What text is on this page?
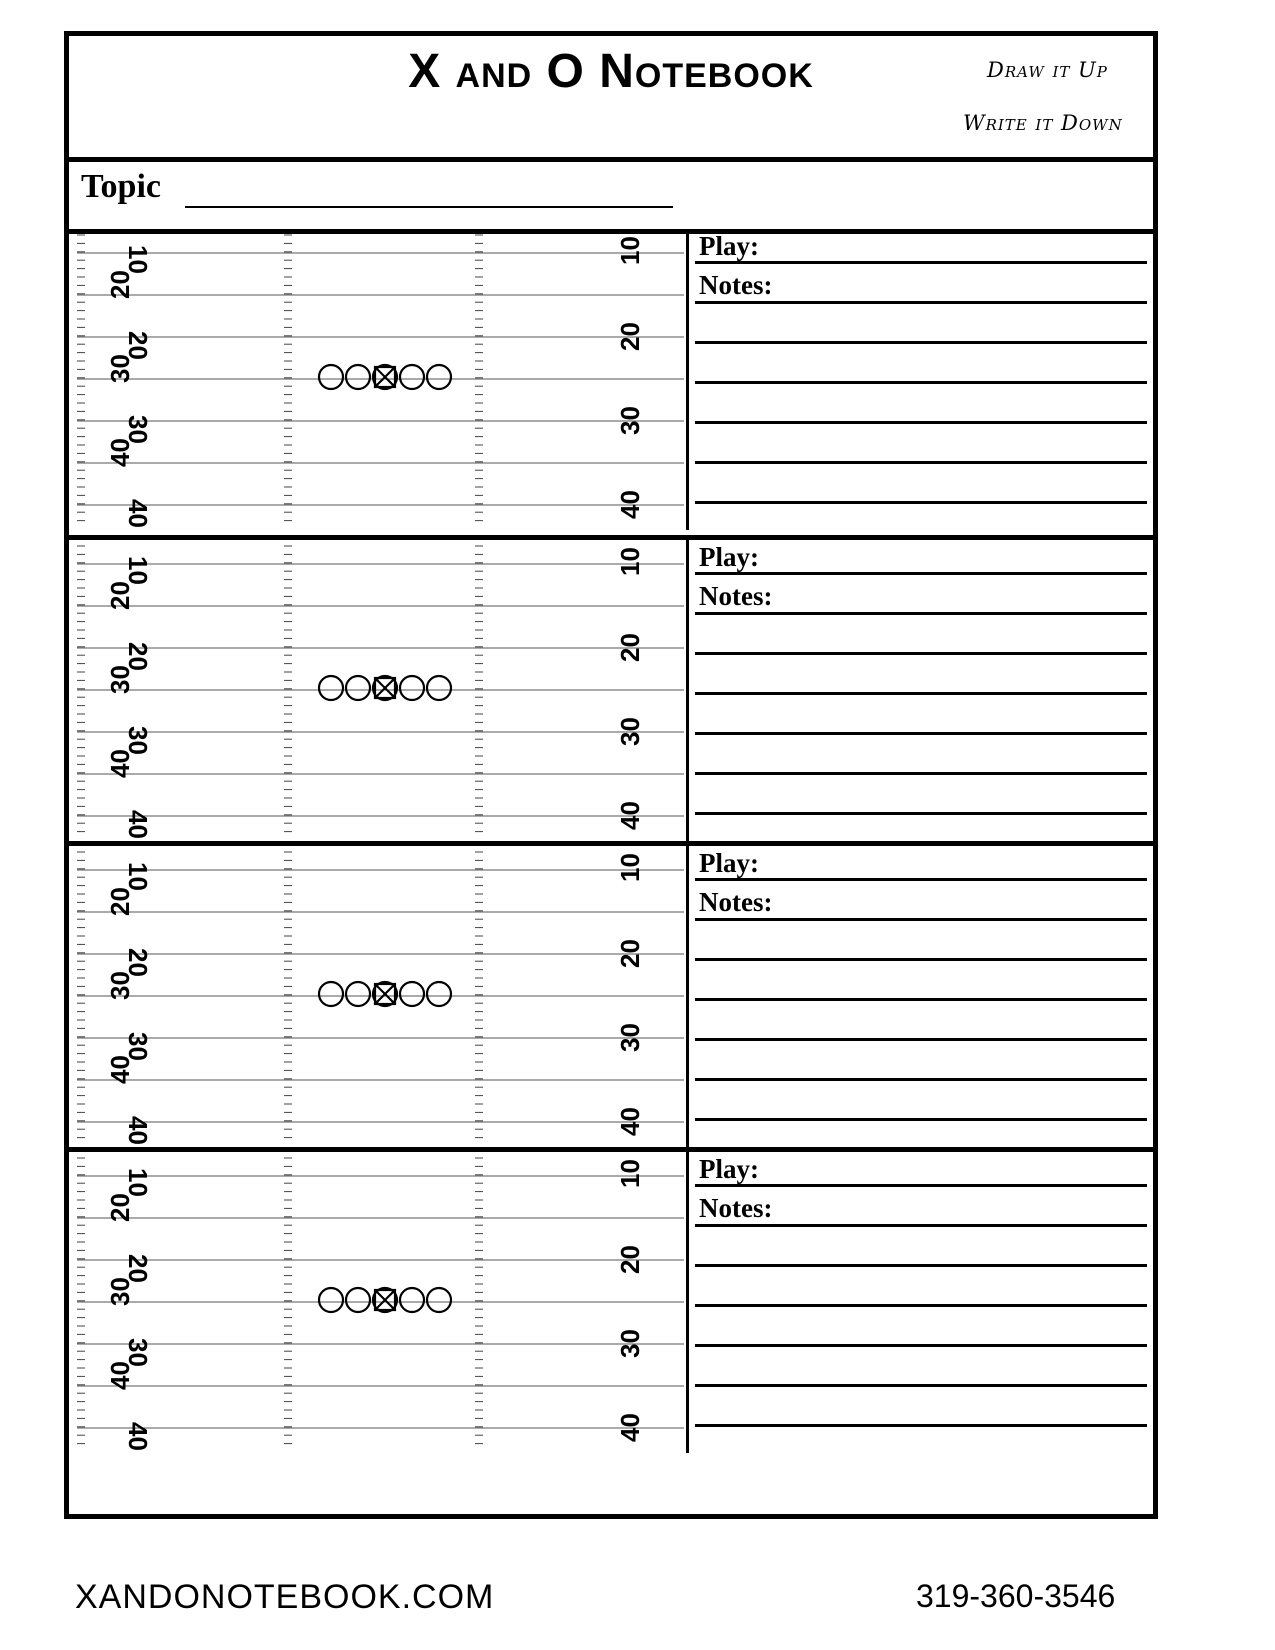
X and O Notebook	Draw it Up
Write it Down
Topic
10	10
20
20
20
30
30
30
40
40
40
Play:
Notes:
10	10
20
20
20
30
30
30
40
40
40
Play:
Notes:
10	10
20
20
20
30
30
30
40
40
40
Play:
Notes:
10	10
20
20
20
30
30
30
40
40
40
Play:
Notes:
XANDONOTEBOOK.COM	319-360-3546
